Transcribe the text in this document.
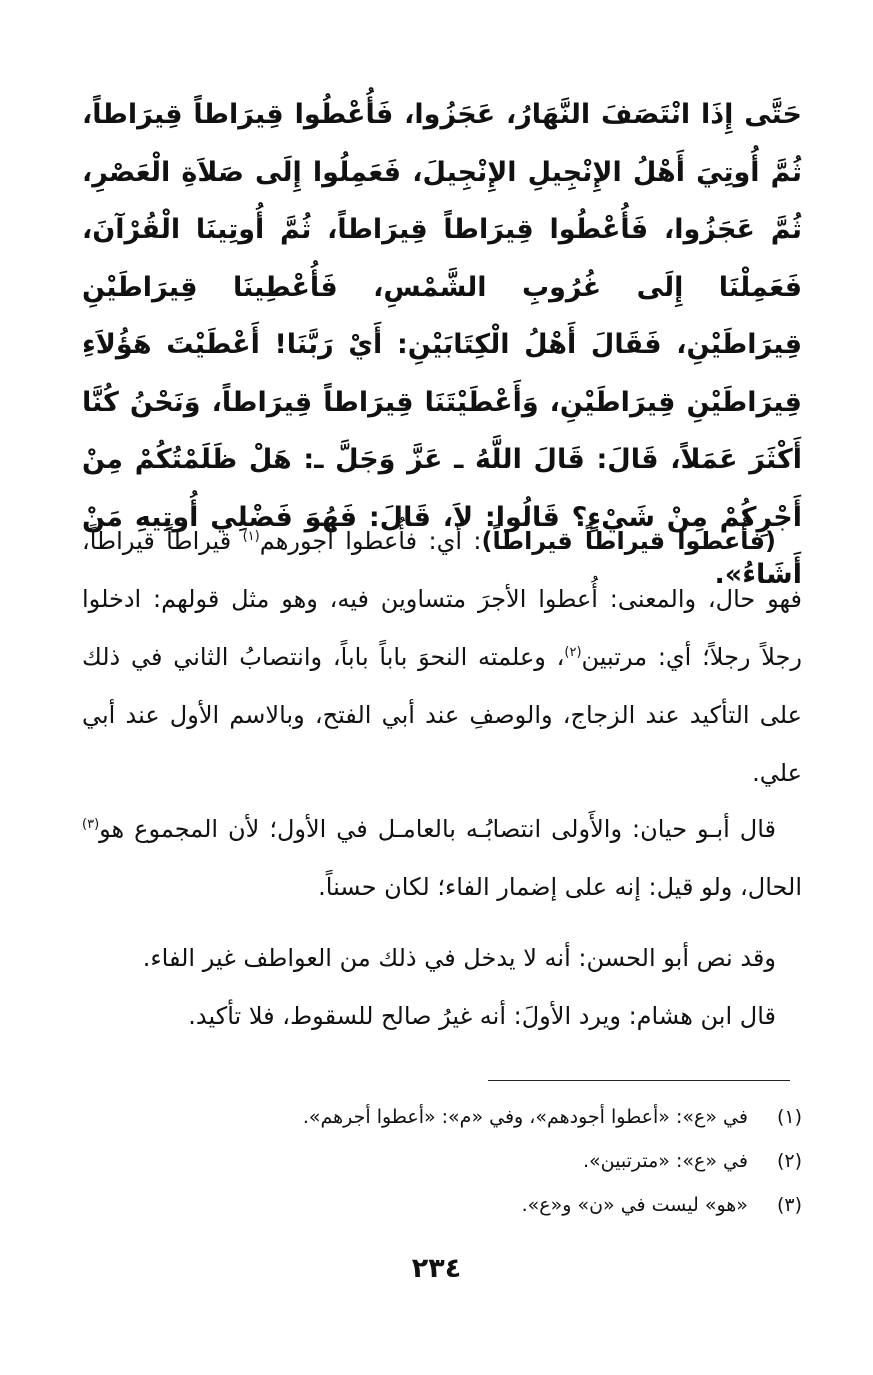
حَتَّى إِذَا انْتَصَفَ النَّهَارُ، عَجَزُوا، فَأُعْطُوا قِيرَاطاً قِيرَاطاً، ثُمَّ أُوتِيَ أَهْلُ الإِنْجِيلِ الإِنْجِيلَ، فَعَمِلُوا إِلَى صَلاَةِ الْعَصْرِ، ثُمَّ عَجَزُوا، فَأُعْطُوا قِيرَاطاً قِيرَاطاً، ثُمَّ أُوتِينَا الْقُرْآنَ، فَعَمِلْنَا إِلَى غُرُوبِ الشَّمْسِ، فَأُعْطِينَا قِيرَاطَيْنِ قِيرَاطَيْنِ، فَقَالَ أَهْلُ الْكِتَابَيْنِ: أَيْ رَبَّنَا! أَعْطَيْتَ هَؤُلاَءِ قِيرَاطَيْنِ قِيرَاطَيْنِ، وَأَعْطَيْتَنَا قِيرَاطاً قِيرَاطاً، وَنَحْنُ كُنَّا أَكْثَرَ عَمَلاً، قَالَ: قَالَ اللَّهُ ـ عَزَّ وَجَلَّ ـ: هَلْ ظَلَمْتُكُمْ مِنْ أَجْرِكُمْ مِنْ شَيْءٍ؟ قَالُوا: لاَ، قَالَ: فَهُوَ فَضْلِي أُوتِيهِ مَنْ أَشَاءُ».
(فأُعطوا قيراطاً قيراطاً): أي: فأُعطوا أجورهم$^{(١)}$ قيراطاً قيراطاً، فهو حال، والمعنى: أُعطوا الأجرَ متساوين فيه، وهو مثل قولهم: ادخلوا رجلاً رجلاً؛ أي: مرتبين$^{(٢)}$، وعلمته النحوَ باباً باباً، وانتصابُ الثاني في ذلك على التأكيد عند الزجاج، والوصفِ عند أبي الفتح، وبالاسم الأول عند أبي علي.
قال أبـو حيان: والأَولى انتصابُـه بالعامـل في الأول؛ لأن المجموع هو$^{(٣)}$ الحال، ولو قيل: إنه على إضمار الفاء؛ لكان حسناً.
وقد نص أبو الحسن: أنه لا يدخل في ذلك من العواطف غير الفاء.
قال ابن هشام: ويرد الأولَ: أنه غيرُ صالح للسقوط، فلا تأكيد.
(١)  في «ع»: «أعطوا أجودهم»، وفي «م»: «أعطوا أجرهم».
(٢)  في «ع»: «مترتبين».
(٣)  «هو» ليست في «ن» و«ع».
٢٣٤
